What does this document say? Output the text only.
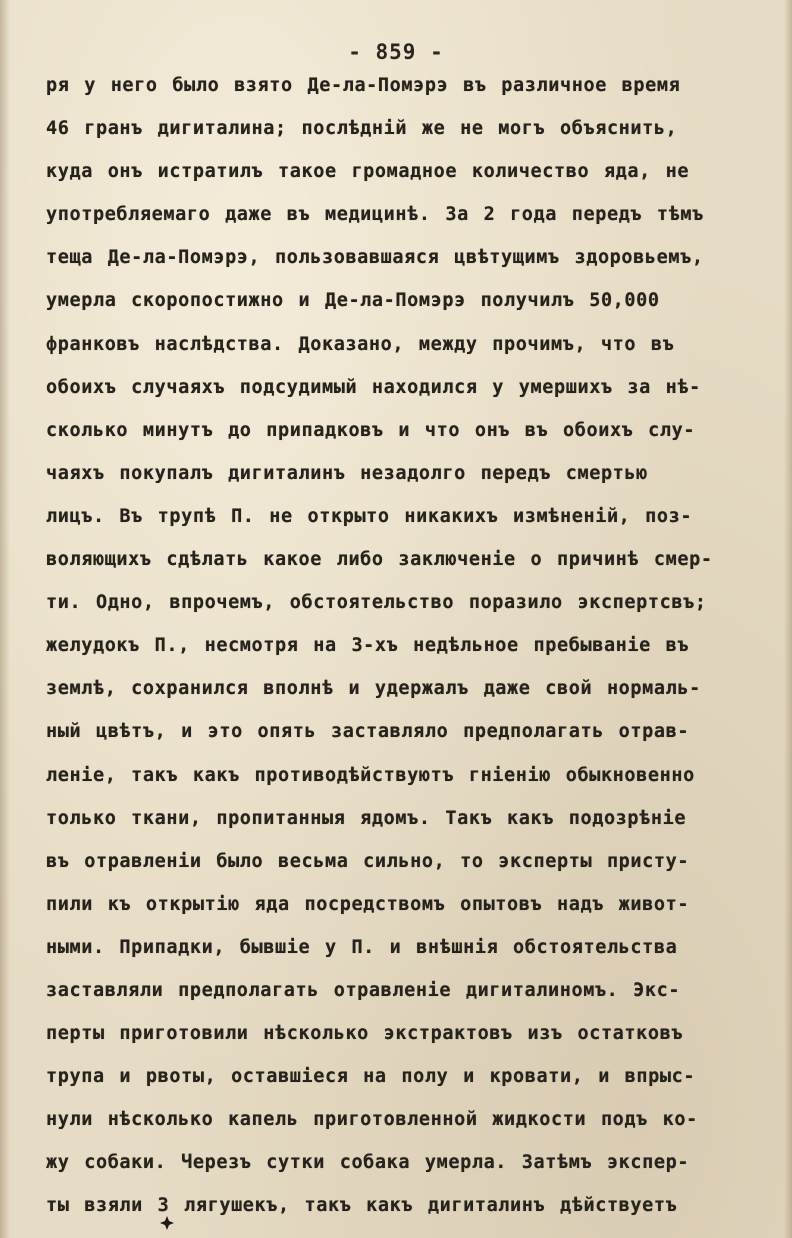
- 859 -
ря у него было взято Де-ла-Помэрэ въ различное время
46 гранъ дигиталина; послѣднiй же не могъ объяснить,
куда онъ истратилъ такое громадное количество яда, не
употребляемаго даже въ медицинѣ. За 2 года передъ тѣмъ
теща Де-ла-Помэрэ, пользовавшаяся цвѣтущимъ здоровьемъ,
умерла скоропостижно и Де-ла-Помэрэ получилъ 50,000
франковъ наслѣдства. Доказано, между прочимъ, что въ
обоихъ случаяхъ подсудимый находился у умершихъ за нѣ-
сколько минутъ до припадковъ и что онъ въ обоихъ слу-
чаяхъ покупалъ дигиталинъ незадолго передъ смертью
лицъ. Въ трупѣ П. не открыто никакихъ измѣненiй, поз-
воляющихъ сдѣлать какое либо заключенiе о причинѣ смер-
ти. Одно, впрочемъ, обстоятельство поразило экспертсвъ;
желудокъ П., несмотря на 3-хъ недѣльное пребыванiе въ
землѣ, сохранился вполнѣ и удержалъ даже свой нормаль-
ный цвѣтъ, и это опять заставляло предполагать отрав-
ленiе, такъ какъ противодѣйствуютъ гнiенiю обыкновенно
только ткани, пропитанныя ядомъ. Такъ какъ подозрѣнiе
въ отравленiи было весьма сильно, то эксперты присту-
пили къ открытiю яда посредствомъ опытовъ надъ живот-
ными. Припадки, бывшiе у П. и внѣшнiя обстоятельства
заставляли предполагать отравленiе дигиталиномъ. Экс-
перты приготовили нѣсколько экстрактовъ изъ остатковъ
трупа и рвоты, оставшiеся на полу и кровати, и впрыс-
нули нѣсколько капель приготовленной жидкости подъ ко-
жу собаки. Черезъ сутки собака умерла. Затѣмъ экспер-
ты взяли 3 лягушекъ, такъ какъ дигиталинъ дѣйствуетъ
